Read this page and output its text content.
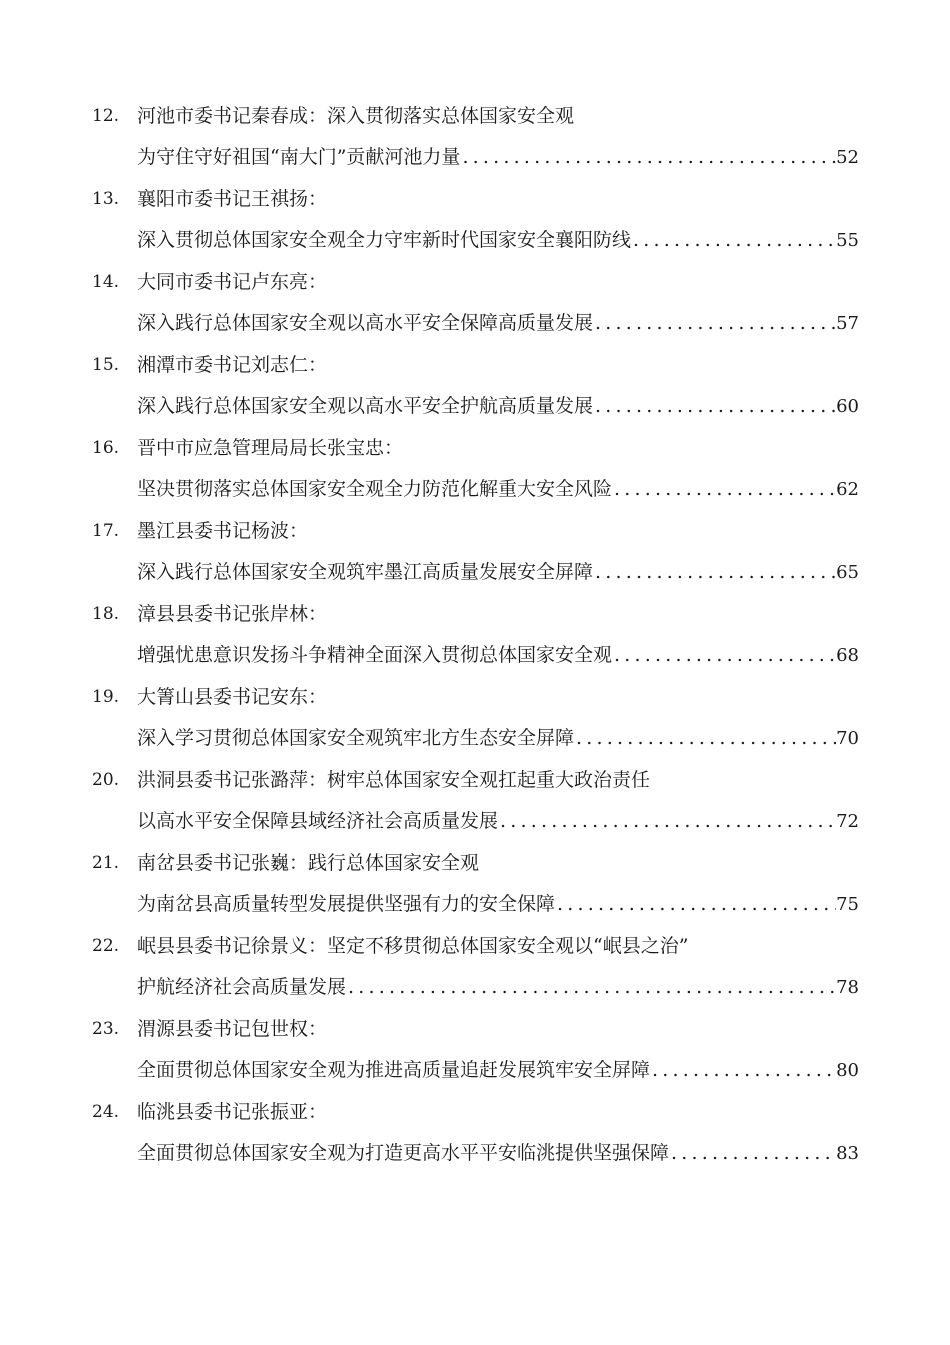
12. 河池市委书记秦春成：深入贯彻落实总体国家安全观
为守住守好祖国“南大门”贡献河池力量 .....	52
13. 襄阳市委书记王祺扬：
深入贯彻总体国家安全观全力守牢新时代国家安全襄阳防线 .....	55
14. 大同市委书记卢东亮：
深入践行总体国家安全观以高水平安全保障高质量发展 .....	57
15. 湘潭市委书记刘志仁：
深入践行总体国家安全观以高水平安全护航高质量发展 .....	60
16. 晋中市应急管理局局长张宝忠：
坚决贯彻落实总体国家安全观全力防范化解重大安全风险 .....	62
17. 墨江县委书记杨波：
深入践行总体国家安全观筑牢墨江高质量发展安全屏障 .....	65
18. 漳县县委书记张岸林：
增强忧患意识发扬斗争精神全面深入贯彻总体国家安全观 .....	68
19. 大箐山县委书记安东：
深入学习贯彻总体国家安全观筑牢北方生态安全屏障 .....	70
20. 洪洞县委书记张潞萍：树牢总体国家安全观扛起重大政治责任
以高水平安全保障县域经济社会高质量发展 .....	72
21. 南岔县委书记张巍：践行总体国家安全观
为南岔县高质量转型发展提供坚强有力的安全保障 .....	75
22. 岷县县委书记徐景义：坚定不移贯彻总体国家安全观以“岷县之治”
护航经济社会高质量发展 .....	78
23. 渭源县委书记包世权：
全面贯彻总体国家安全观为推进高质量追赶发展筑牢安全屏障 .....	80
24. 临洮县委书记张振亚：
全面贯彻总体国家安全观为打造更高水平平安临洮提供坚强保障 .....	83
